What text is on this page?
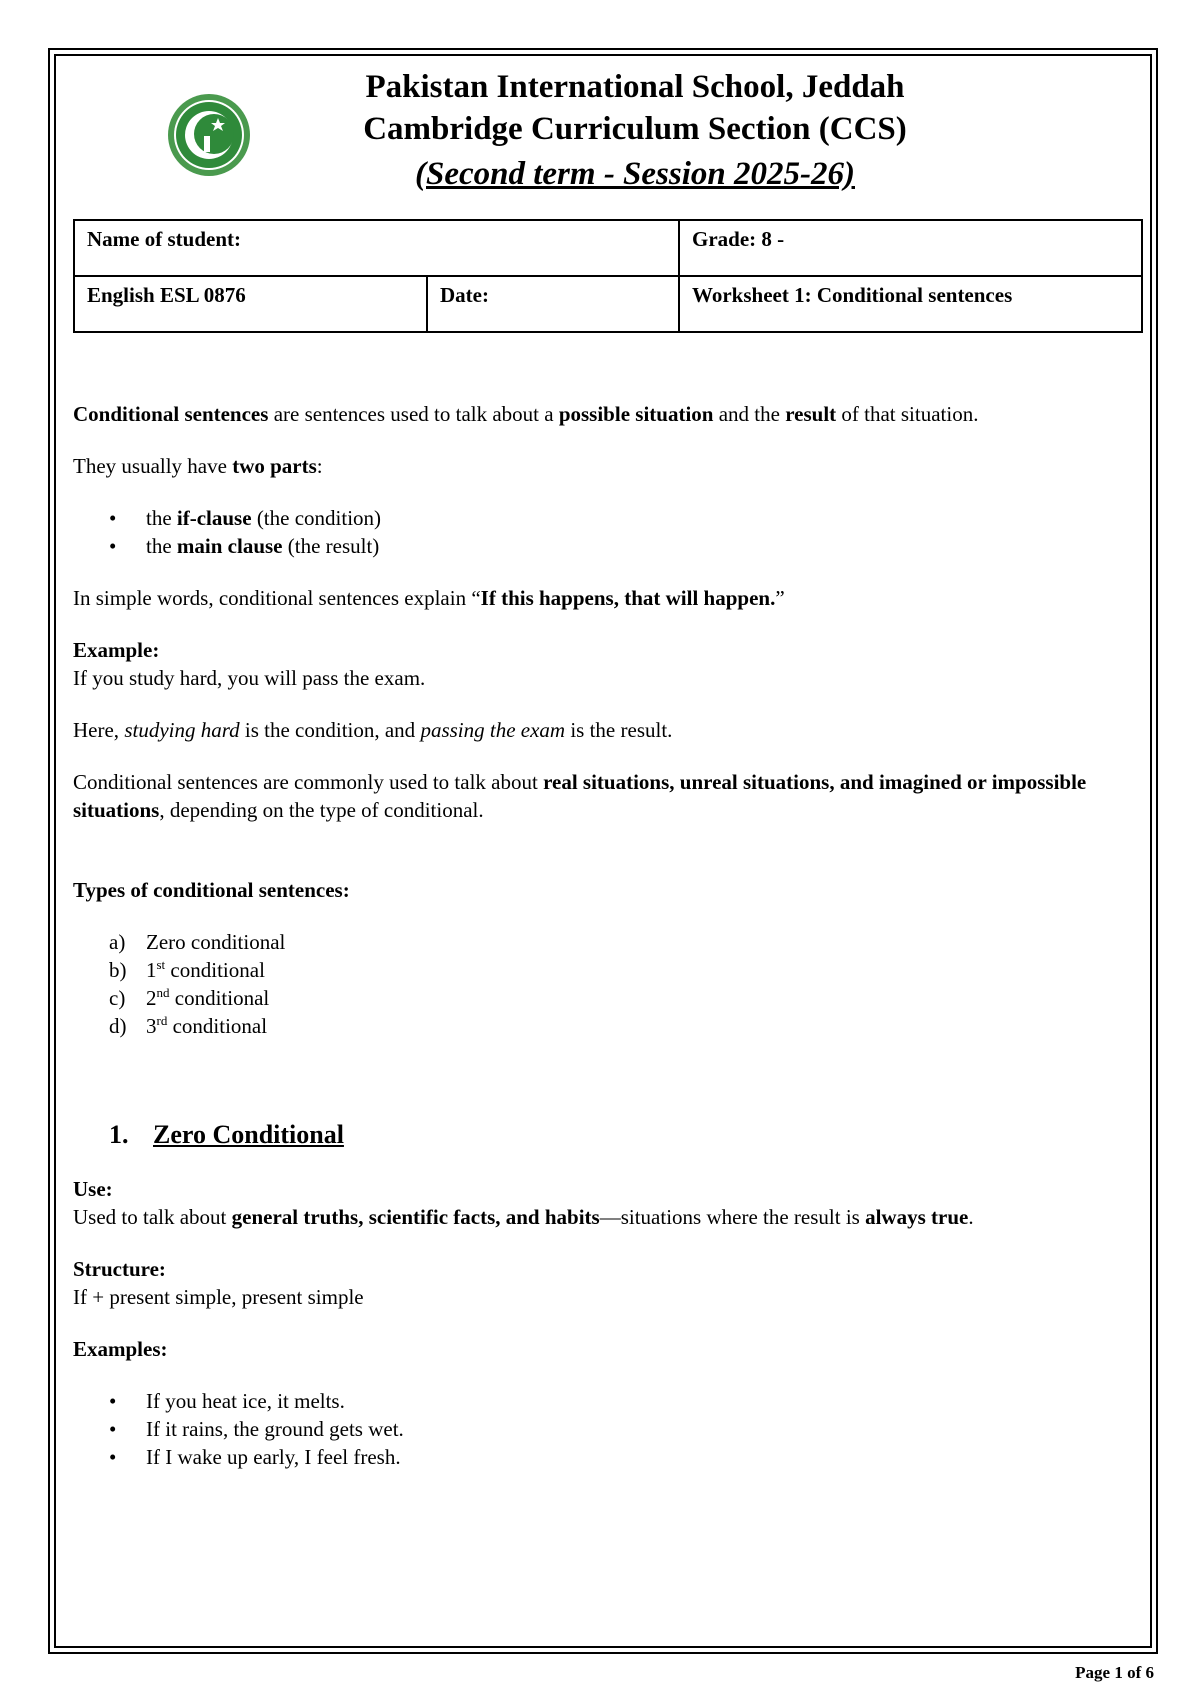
Pakistan International School, Jeddah
Cambridge Curriculum Section (CCS)
(Second term - Session 2025-26)
Name of student:		Grade: 8 -
English ESL 0876	Date:	Worksheet 1: Conditional sentences

Conditional sentences are sentences used to talk about a possible situation and the result of that situation.

They usually have two parts:

• the if-clause (the condition)
• the main clause (the result)

In simple words, conditional sentences explain “If this happens, that will happen.”

Example:

If you study hard, you will pass the exam.

Here, studying hard is the condition, and passing the exam is the result.

Conditional sentences are commonly used to talk about real situations, unreal situations, and imagined or impossible situations, depending on the type of conditional.

Types of conditional sentences:

a) Zero conditional
b) 1st conditional
c) 2nd conditional
d) 3rd conditional
1. Zero Conditional

Use:

Used to talk about general truths, scientific facts, and habits—situations where the result is always true.

Structure:

If + present simple, present simple

Examples:

• If you heat ice, it melts.
• If it rains, the ground gets wet.
• If I wake up early, I feel fresh.
Page 1 of 6
